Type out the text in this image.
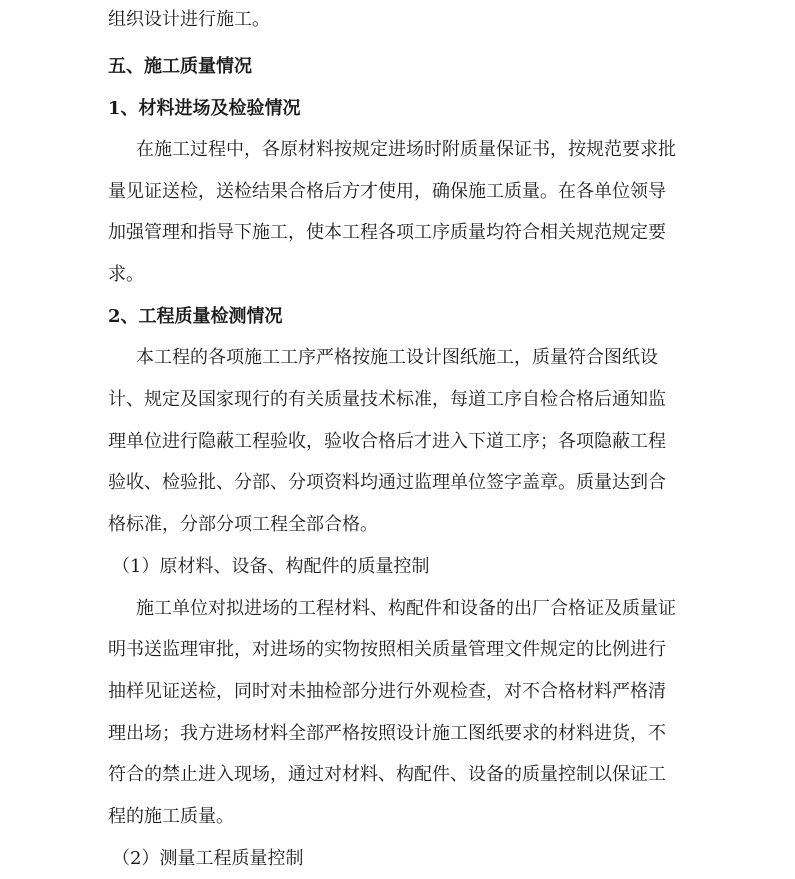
组织设计进行施工。

五、施工质量情况

1、材料进场及检验情况

在施工过程中，各原材料按规定进场时附质量保证书，按规范要求批

量见证送检，送检结果合格后方才使用，确保施工质量。在各单位领导

加强管理和指导下施工，使本工程各项工序质量均符合相关规范规定要

求。

2、工程质量检测情况

本工程的各项施工工序严格按施工设计图纸施工，质量符合图纸设

计、规定及国家现行的有关质量技术标准，每道工序自检合格后通知监

理单位进行隐蔽工程验收，验收合格后才进入下道工序；各项隐蔽工程

验收、检验批、分部、分项资料均通过监理单位签字盖章。质量达到合

格标准，分部分项工程全部合格。

（1）原材料、设备、构配件的质量控制

施工单位对拟进场的工程材料、构配件和设备的出厂合格证及质量证

明书送监理审批，对进场的实物按照相关质量管理文件规定的比例进行

抽样见证送检，同时对未抽检部分进行外观检查，对不合格材料严格清

理出场；我方进场材料全部严格按照设计施工图纸要求的材料进货，不

符合的禁止进入现场，通过对材料、构配件、设备的质量控制以保证工

程的施工质量。

（2）测量工程质量控制
